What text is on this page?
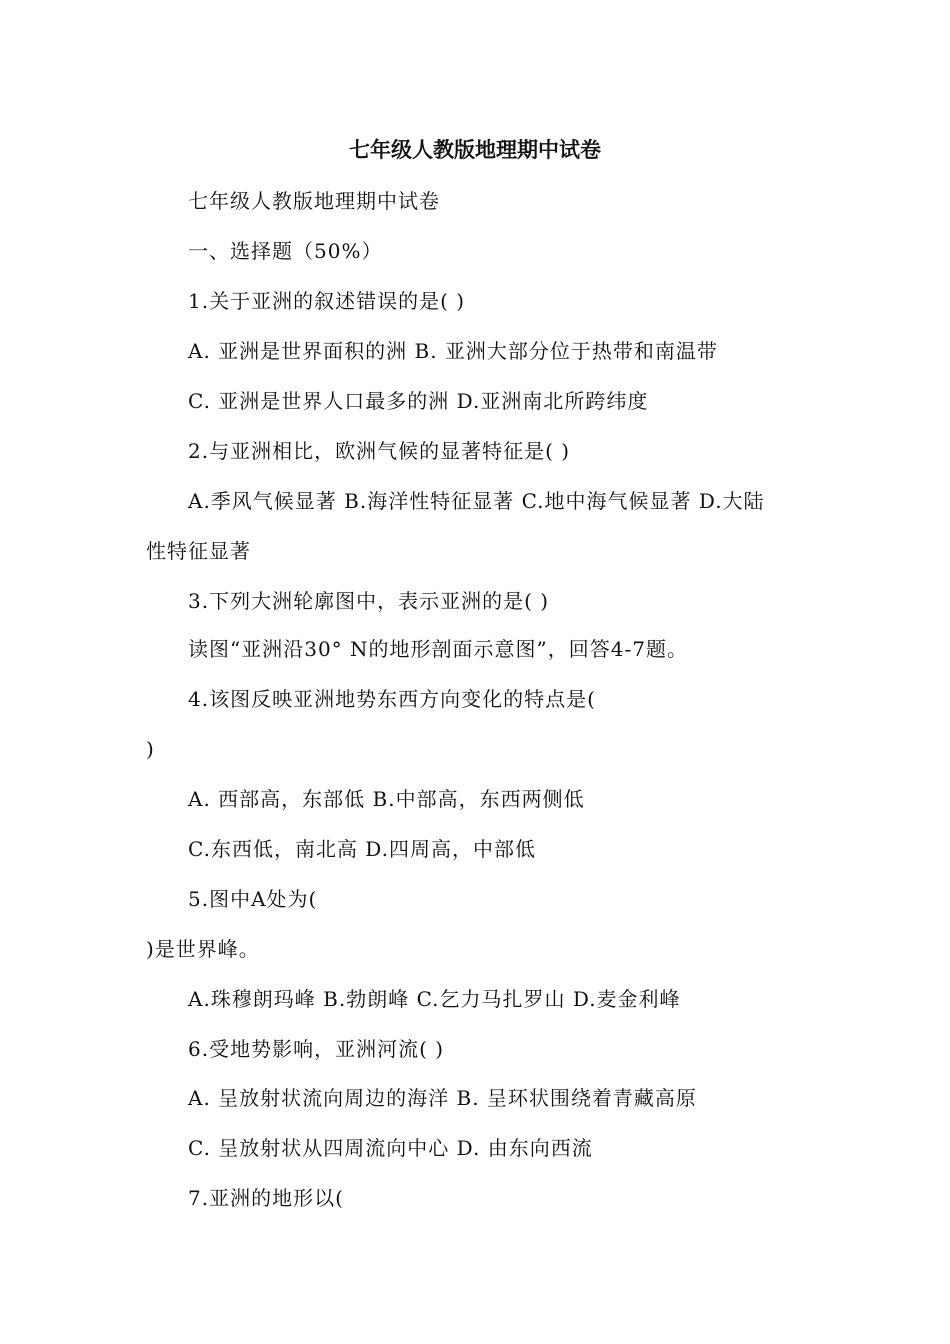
七年级人教版地理期中试卷
七年级人教版地理期中试卷
一、选择题（50%）
1.关于亚洲的叙述错误的是( )
A. 亚洲是世界面积的洲 B. 亚洲大部分位于热带和南温带
C. 亚洲是世界人口最多的洲 D.亚洲南北所跨纬度
2.与亚洲相比，欧洲气候的显著特征是( )
A.季风气候显著 B.海洋性特征显著 C.地中海气候显著 D.大陆
性特征显著
3.下列大洲轮廓图中，表示亚洲的是( )
读图“亚洲沿30° N的地形剖面示意图”，回答4-7题。
4.该图反映亚洲地势东西方向变化的特点是(
)
A. 西部高，东部低 B.中部高，东西两侧低
C.东西低，南北高 D.四周高，中部低
5.图中A处为(
)是世界峰。
A.珠穆朗玛峰 B.勃朗峰 C.乞力马扎罗山 D.麦金利峰
6.受地势影响，亚洲河流( )
A. 呈放射状流向周边的海洋 B. 呈环状围绕着青藏高原
C. 呈放射状从四周流向中心 D. 由东向西流
7.亚洲的地形以(
